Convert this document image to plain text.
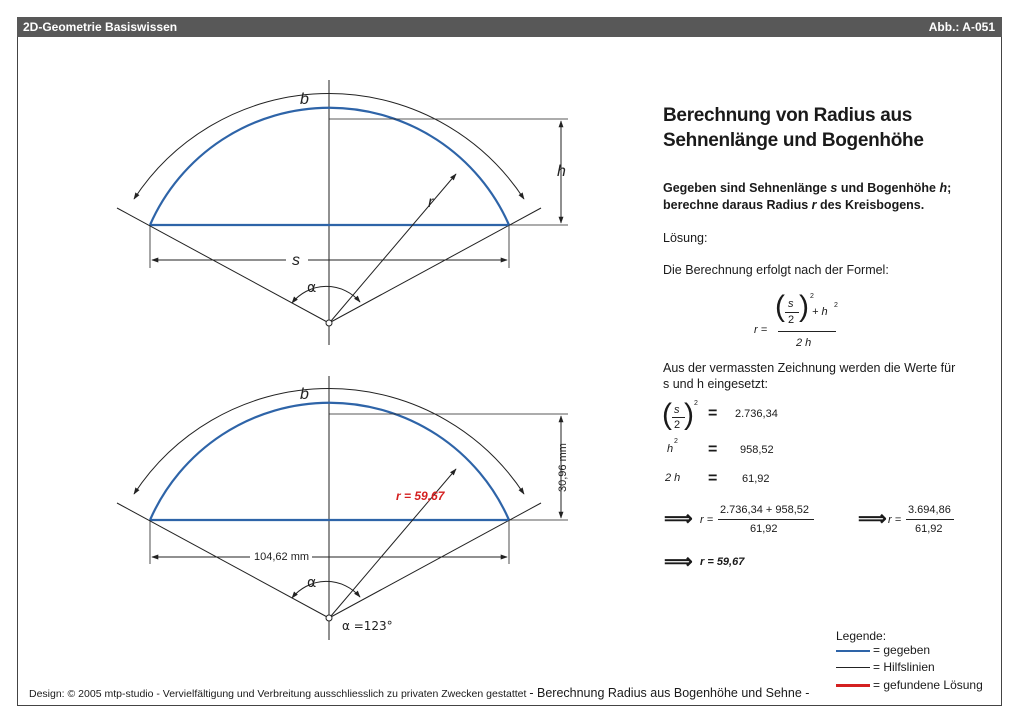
2D-Geometrie Basiswissen	Abb.: A-051
b
h
r
s
α
b
30,96 mm
r = 59,67
104,62 mm
α
α =123°
Berechnung von Radius aus Sehnenlänge und Bogenhöhe
Gegeben sind Sehnenlänge s und Bogenhöhe h;
berechne daraus Radius r des Kreisbogens.
Lösung:
Die Berechnung erfolgt nach der Formel:
r =
( s
2 ) 2
+ h
2
2 h
Aus der vermassten Zeichnung werden die Werte für s und h eingesetzt:
( s
2 ) 2
= 2.736,34
h
2 = 958,52
2 h = 61,92
⟹ r =
2.736,34 + 958,52
61,92	⟹ r =
3.694,86
61,92
⟹ r = 59,67
Legende:
= gegeben
= Hilfslinien
= gefundene Lösung
Design: © 2005 mtp-studio - Vervielfältigung und Verbreitung ausschliesslich zu privaten Zwecken gestattet - Berechnung Radius aus Bogenhöhe und Sehne -
